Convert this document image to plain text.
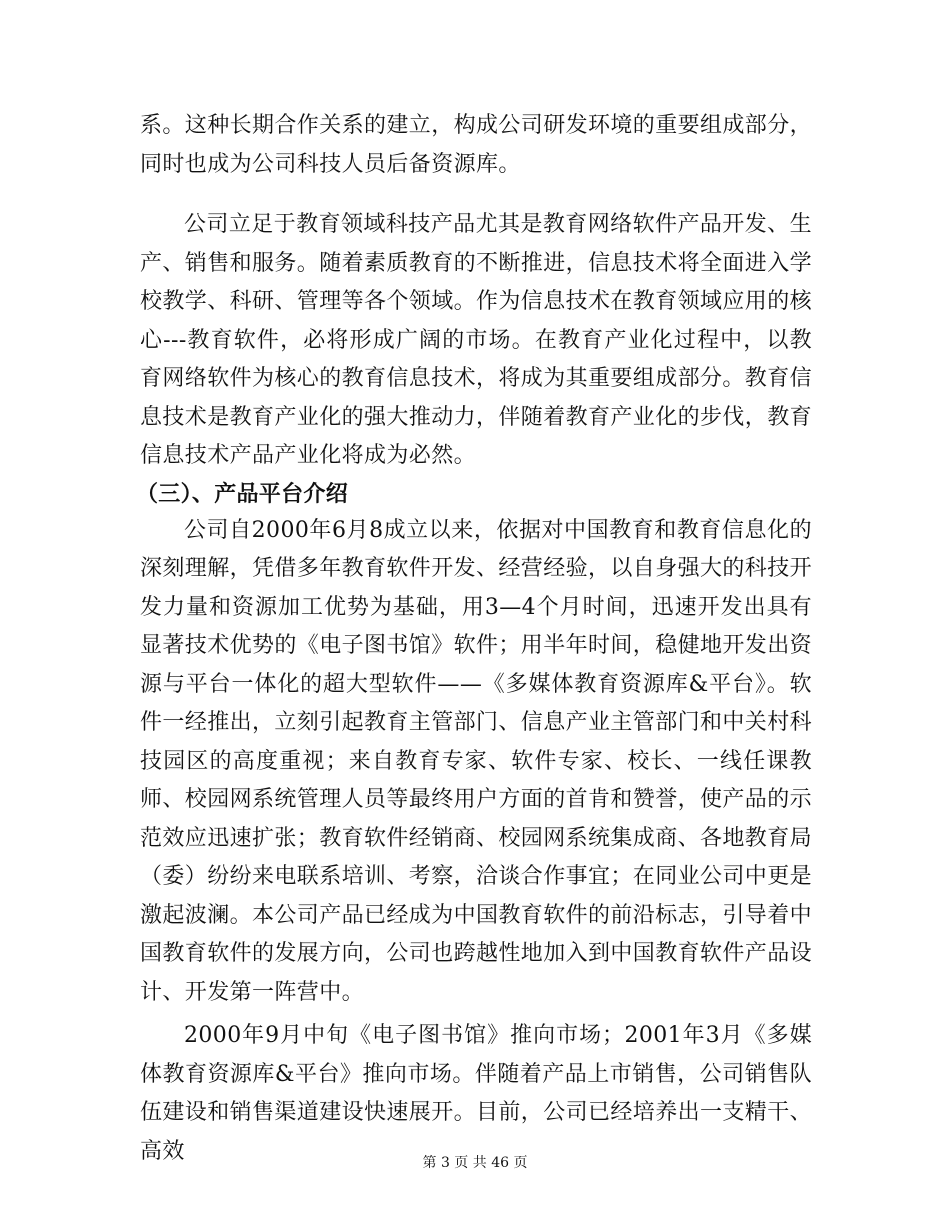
系。这种长期合作关系的建立，构成公司研发环境的重要组成部分，同时也成为公司科技人员后备资源库。

公司立足于教育领域科技产品尤其是教育网络软件产品开发、生产、销售和服务。随着素质教育的不断推进，信息技术将全面进入学校教学、科研、管理等各个领域。作为信息技术在教育领域应用的核心---教育软件，必将形成广阔的市场。在教育产业化过程中，以教育网络软件为核心的教育信息技术，将成为其重要组成部分。教育信息技术是教育产业化的强大推动力，伴随着教育产业化的步伐，教育信息技术产品产业化将成为必然。

（三）、产品平台介绍

公司自2000年6月8成立以来，依据对中国教育和教育信息化的深刻理解，凭借多年教育软件开发、经营经验，以自身强大的科技开发力量和资源加工优势为基础，用3—4个月时间，迅速开发出具有显著技术优势的《电子图书馆》软件；用半年时间，稳健地开发出资源与平台一体化的超大型软件——《多媒体教育资源库&平台》。软件一经推出，立刻引起教育主管部门、信息产业主管部门和中关村科技园区的高度重视；来自教育专家、软件专家、校长、一线任课教师、校园网系统管理人员等最终用户方面的首肯和赞誉，使产品的示范效应迅速扩张；教育软件经销商、校园网系统集成商、各地教育局（委）纷纷来电联系培训、考察，洽谈合作事宜；在同业公司中更是激起波澜。本公司产品已经成为中国教育软件的前沿标志，引导着中国教育软件的发展方向，公司也跨越性地加入到中国教育软件产品设计、开发第一阵营中。

2000年9月中旬《电子图书馆》推向市场；2001年3月《多媒体教育资源库&平台》推向市场。伴随着产品上市销售，公司销售队伍建设和销售渠道建设快速展开。目前，公司已经培养出一支精干、高效	第 3 页 共 46 页
